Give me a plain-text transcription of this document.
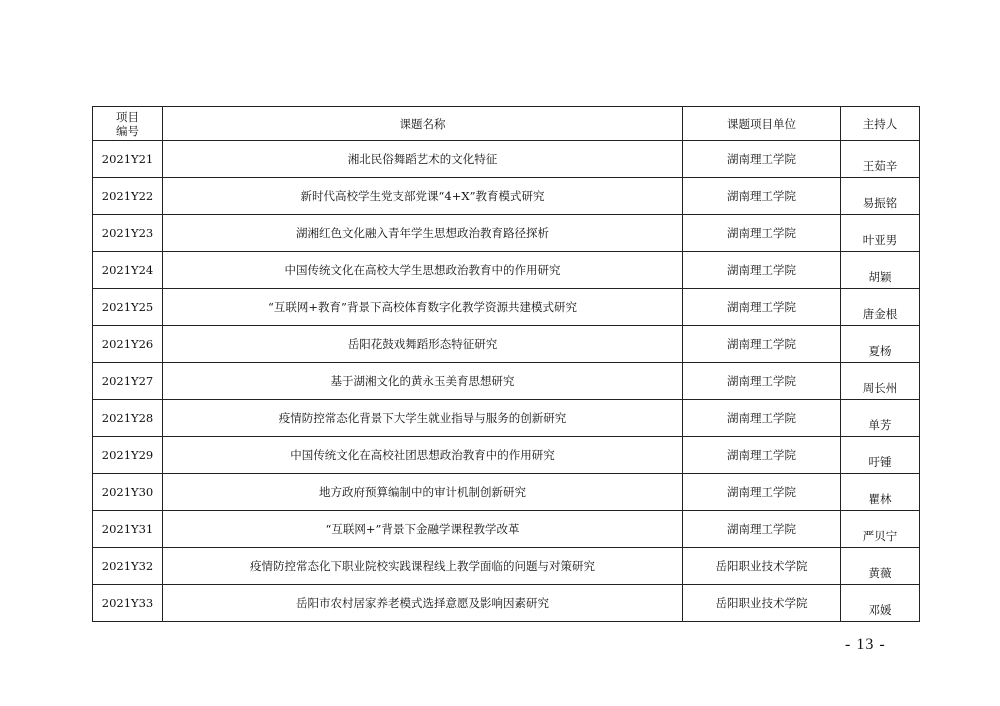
项目
编号	课题名称	课题项目单位	主持人
2021Y21	湘北民俗舞蹈艺术的文化特征	湖南理工学院	王茹辛
2021Y22	新时代高校学生党支部党课“4+X”教育模式研究	湖南理工学院	易振铭
2021Y23	湖湘红色文化融入青年学生思想政治教育路径探析	湖南理工学院	叶亚男
2021Y24	中国传统文化在高校大学生思想政治教育中的作用研究	湖南理工学院	胡颖
2021Y25	“互联网+教育”背景下高校体育数字化教学资源共建模式研究	湖南理工学院	唐金根
2021Y26	岳阳花鼓戏舞蹈形态特征研究	湖南理工学院	夏杨
2021Y27	基于湖湘文化的黄永玉美育思想研究	湖南理工学院	周长州
2021Y28	疫情防控常态化背景下大学生就业指导与服务的创新研究	湖南理工学院	单芳
2021Y29	中国传统文化在高校社团思想政治教育中的作用研究	湖南理工学院	吁锺
2021Y30	地方政府预算编制中的审计机制创新研究	湖南理工学院	瞿林
2021Y31	“互联网+”背景下金融学课程教学改革	湖南理工学院	严贝宁
2021Y32	疫情防控常态化下职业院校实践课程线上教学面临的问题与对策研究	岳阳职业技术学院	黄薇
2021Y33	岳阳市农村居家养老模式选择意愿及影响因素研究	岳阳职业技术学院	邓媛
- 13 -
